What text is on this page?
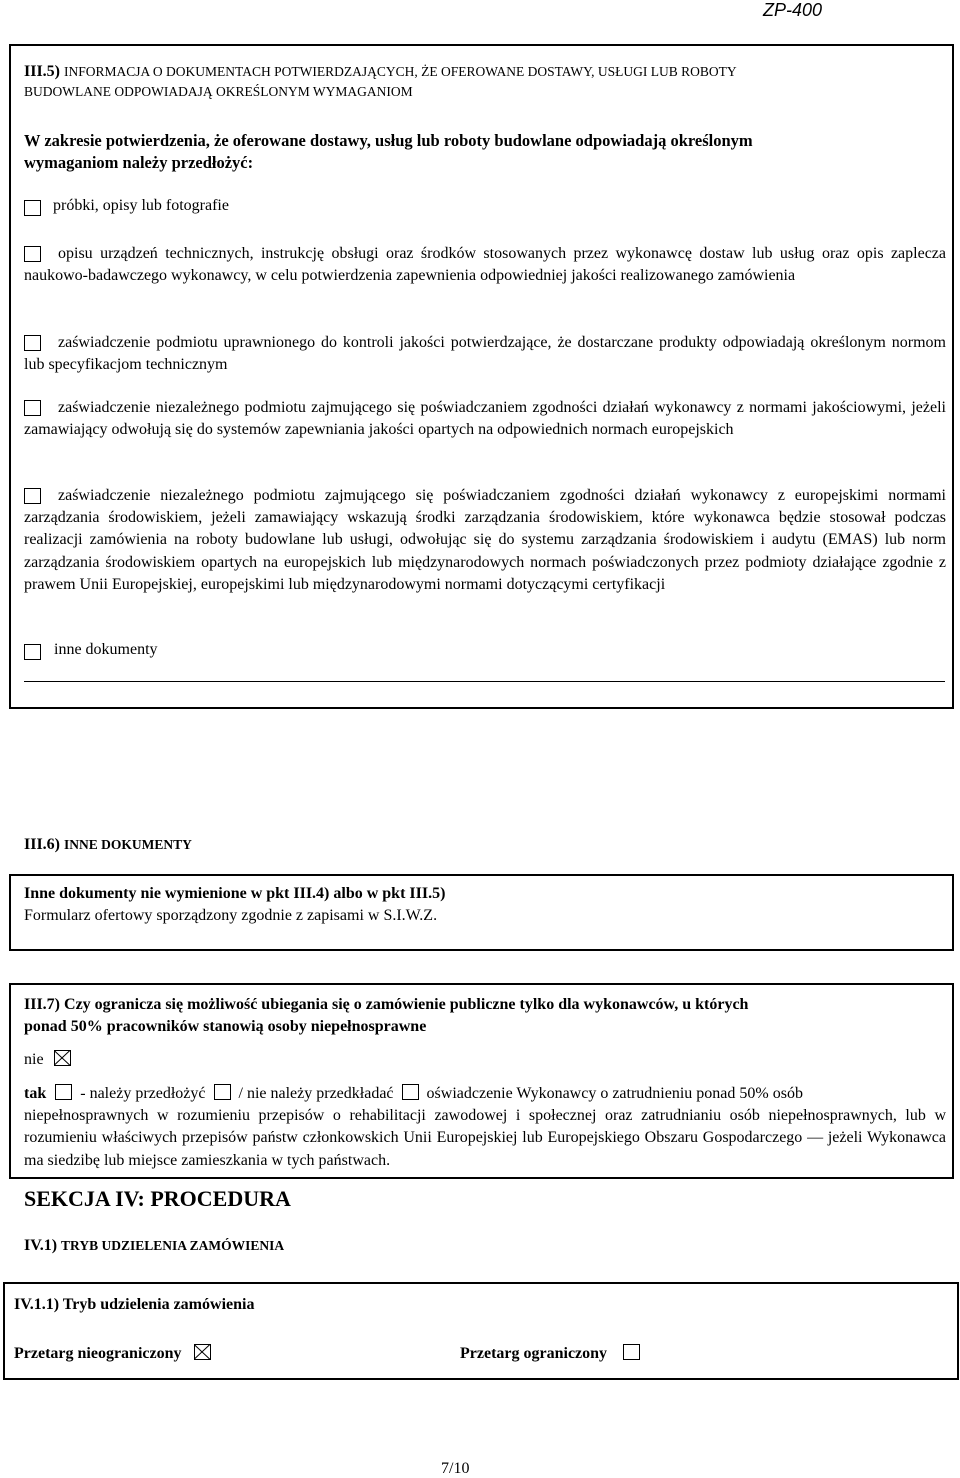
ZP-400
III.5) INFORMACJA O DOKUMENTACH POTWIERDZAJĄCYCH, ŻE OFEROWANE DOSTAWY, USŁUGI LUB ROBOTY
BUDOWLANE ODPOWIADAJĄ OKREŚLONYM WYMAGANIOM
W zakresie potwierdzenia, że oferowane dostawy, usług lub roboty budowlane odpowiadają określonym
wymaganiom należy przedłożyć:
próbki, opisy lub fotografie
opisu urządzeń technicznych, instrukcję obsługi oraz środków stosowanych przez wykonawcę dostaw lub usług oraz opis zaplecza naukowo-badawczego wykonawcy, w celu potwierdzenia zapewnienia odpowiedniej jakości realizowanego zamówienia
zaświadczenie podmiotu uprawnionego do kontroli jakości potwierdzające, że dostarczane produkty odpowiadają określonym normom lub specyfikacjom technicznym
zaświadczenie niezależnego podmiotu zajmującego się poświadczaniem zgodności działań wykonawcy z normami jakościowymi, jeżeli zamawiający odwołują się do systemów zapewniania jakości opartych na odpowiednich normach europejskich
zaświadczenie niezależnego podmiotu zajmującego się poświadczaniem zgodności działań wykonawcy z europejskimi normami zarządzania środowiskiem, jeżeli zamawiający wskazują środki zarządzania środowiskiem, które wykonawca będzie stosował podczas realizacji zamówienia na roboty budowlane lub usługi, odwołując się do systemu zarządzania środowiskiem i audytu (EMAS) lub norm zarządzania środowiskiem opartych na europejskich lub międzynarodowych normach poświadczonych przez podmioty działające zgodnie z prawem Unii Europejskiej, europejskimi lub międzynarodowymi normami dotyczącymi certyfikacji
inne dokumenty
III.6) INNE DOKUMENTY
Inne dokumenty nie wymienione w pkt III.4) albo w pkt III.5)
Formularz ofertowy sporządzony zgodnie z zapisami w S.I.W.Z.
III.7) Czy ogranicza się możliwość ubiegania się o zamówienie publiczne tylko dla wykonawców, u których
ponad 50% pracowników stanowią osoby niepełnosprawne
nie
tak - należy przedłożyć / nie należy przedkładać oświadczenie Wykonawcy o zatrudnieniu ponad 50% osób
niepełnosprawnych w rozumieniu przepisów o rehabilitacji zawodowej i społecznej oraz zatrudnianiu osób niepełnosprawnych, lub w rozumieniu właściwych przepisów państw członkowskich Unii Europejskiej lub Europejskiego Obszaru Gospodarczego — jeżeli Wykonawca ma siedzibę lub miejsce zamieszkania w tych państwach.
SEKCJA IV: PROCEDURA
IV.1) TRYB UDZIELENIA ZAMÓWIENIA
IV.1.1) Tryb udzielenia zamówienia
Przetarg nieograniczony	Przetarg ograniczony
7/10
